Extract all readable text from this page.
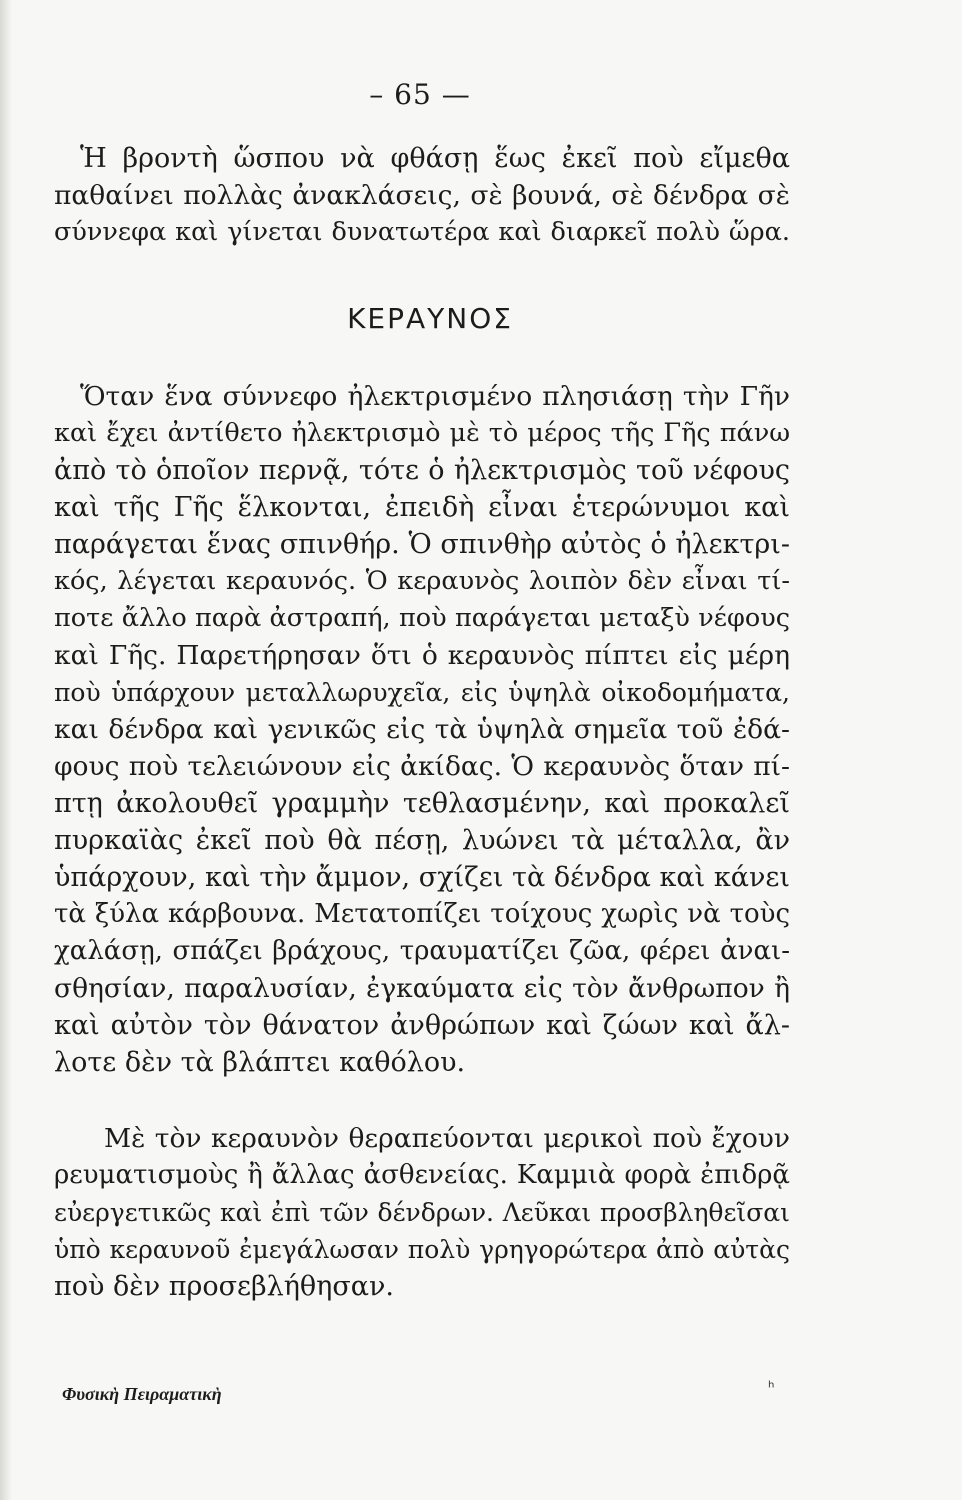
– 65 —
Ἡ βροντὴ ὥσπου νὰ φθάσῃ ἕως ἐκεῖ ποὺ εἴμεθα
παθαίνει πολλὰς ἀνακλάσεις, σὲ βουνά, σὲ δένδρα σὲ
σύννεφα καὶ γίνεται δυνατωτέρα καὶ διαρκεῖ πολὺ ὥρα.
ΚΕΡΑΥΝΟΣ
Ὅταν ἕνα σύννεφο ἠλεκτρισμένο πλησιάσῃ τὴν Γῆν
καὶ ἔχει ἀντίθετο ἠλεκτρισμὸ μὲ τὸ μέρος τῆς Γῆς πάνω
ἀπὸ τὸ ὁποῖον περνᾷ, τότε ὁ ἠλεκτρισμὸς τοῦ νέφους
καὶ τῆς Γῆς ἕλκονται, ἐπειδὴ εἶναι ἑτερώνυμοι καὶ
παράγεται ἕνας σπινθήρ. Ὁ σπινθὴρ αὐτὸς ὁ ἠλεκτρι-
κός, λέγεται κεραυνός. Ὁ κεραυνὸς λοιπὸν δὲν εἶναι τί-
ποτε ἄλλο παρὰ ἀστραπή, ποὺ παράγεται μεταξὺ νέφους
καὶ Γῆς. Παρετήρησαν ὅτι ὁ κεραυνὸς πίπτει εἰς μέρη
ποὺ ὑπάρχουν μεταλλωρυχεῖα, εἰς ὑψηλὰ οἰκοδομήματα,
και δένδρα καὶ γενικῶς εἰς τὰ ὑψηλὰ σημεῖα τοῦ ἐδά-
φους ποὺ τελειώνουν εἰς ἀκίδας. Ὁ κεραυνὸς ὅταν πί-
πτῃ ἀκολουθεῖ γραμμὴν τεθλασμένην, καὶ προκαλεῖ
πυρκαϊὰς ἐκεῖ ποὺ θὰ πέσῃ, λυώνει τὰ μέταλλα, ἂν
ὑπάρχουν, καὶ τὴν ἄμμον, σχίζει τὰ δένδρα καὶ κάνει
τὰ ξύλα κάρβουνα. Μετατοπίζει τοίχους χωρὶς νὰ τοὺς
χαλάσῃ, σπάζει βράχους, τραυματίζει ζῶα, φέρει ἀναι-
σθησίαν, παραλυσίαν, ἐγκαύματα εἰς τὸν ἄνθρωπον ἢ
καὶ αὐτὸν τὸν θάνατον ἀνθρώπων καὶ ζώων καὶ ἄλ-
λοτε δὲν τὰ βλάπτει καθόλου.
Μὲ τὸν κεραυνὸν θεραπεύονται μερικοὶ ποὺ ἔχουν
ρευματισμοὺς ἢ ἄλλας ἀσθενείας. Καμμιὰ φορὰ ἐπιδρᾷ
εὐεργετικῶς καὶ ἐπὶ τῶν δένδρων. Λεῦκαι προσβληθεῖσαι
ὑπὸ κεραυνοῦ ἐμεγάλωσαν πολὺ γρηγορώτερα ἀπὸ αὐτὰς
ποὺ δὲν προσεβλήθησαν.
Φυσικὴ Πειραματικὴ	ʰ
